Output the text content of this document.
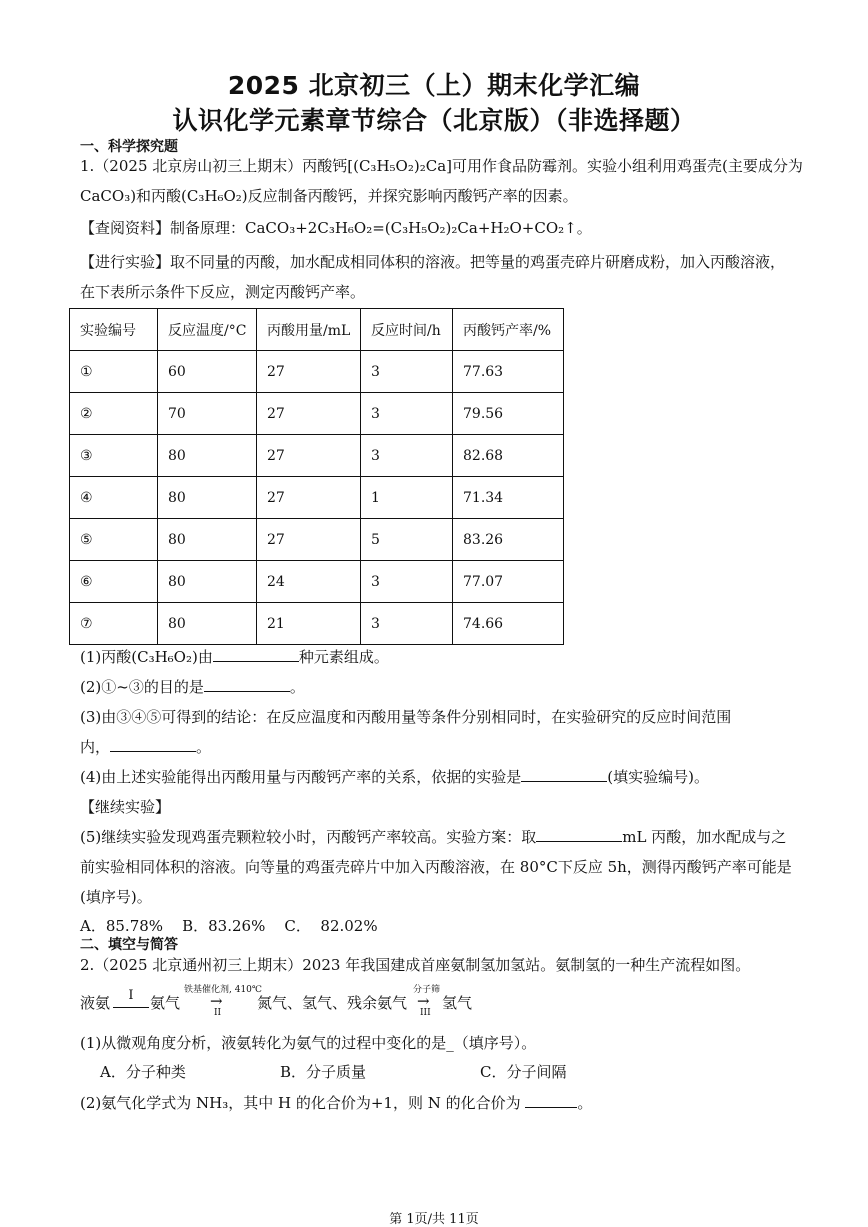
2025 北京初三（上）期末化学汇编
认识化学元素章节综合（北京版）（非选择题）
一、科学探究题
1.（2025 北京房山初三上期末）丙酸钙[(C₃H₅O₂)₂Ca]可用作食品防霉剂。实验小组利用鸡蛋壳(主要成分为
CaCO₃)和丙酸(C₃H₆O₂)反应制备丙酸钙，并探究影响丙酸钙产率的因素。
【查阅资料】制备原理：CaCO₃+2C₃H₆O₂=(C₃H₅O₂)₂Ca+H₂O+CO₂↑。
【进行实验】取不同量的丙酸，加水配成相同体积的溶液。把等量的鸡蛋壳碎片研磨成粉，加入丙酸溶液，
在下表所示条件下反应，测定丙酸钙产率。
实验编号	反应温度/°C	丙酸用量/mL	反应时间/h	丙酸钙产率/%
①	60	27	3	77.63
②	70	27	3	79.56
③	80	27	3	82.68
④	80	27	1	71.34
⑤	80	27	5	83.26
⑥	80	24	3	77.07
⑦	80	21	3	74.66
(1)丙酸(C₃H₆O₂)由	种元素组成。
(2)①~③的目的是	。
(3)由③④⑤可得到的结论：在反应温度和丙酸用量等条件分别相同时，在实验研究的反应时间范围
内，	。
(4)由上述实验能得出丙酸用量与丙酸钙产率的关系，依据的实验是	(填实验编号)。
【继续实验】
(5)继续实验发现鸡蛋壳颗粒较小时，丙酸钙产率较高。实验方案：取	mL 丙酸，加水配成与之
前实验相同体积的溶液。向等量的鸡蛋壳碎片中加入丙酸溶液，在 80°C下反应 5h，测得丙酸钙产率可能是
(填序号)。
A．85.78%    B．83.26%    C．  82.02%
二、填空与简答
2.（2025 北京通州初三上期末）2023 年我国建成首座氨制氢加氢站。氨制氢的一种生产流程如图。
液氨	I	氨气
铁基催化剂, 410℃
→
II
氮气、氢气、残余氨气
分子筛
→
III
氢气
(1)从微观角度分析，液氨转化为氨气的过程中变化的是_（填序号）。
A．分子种类	B．分子质量	C．分子间隔
(2)氨气化学式为 NH₃，其中 H 的化合价为+1，则 N 的化合价为	。
第 1页/共 11页
